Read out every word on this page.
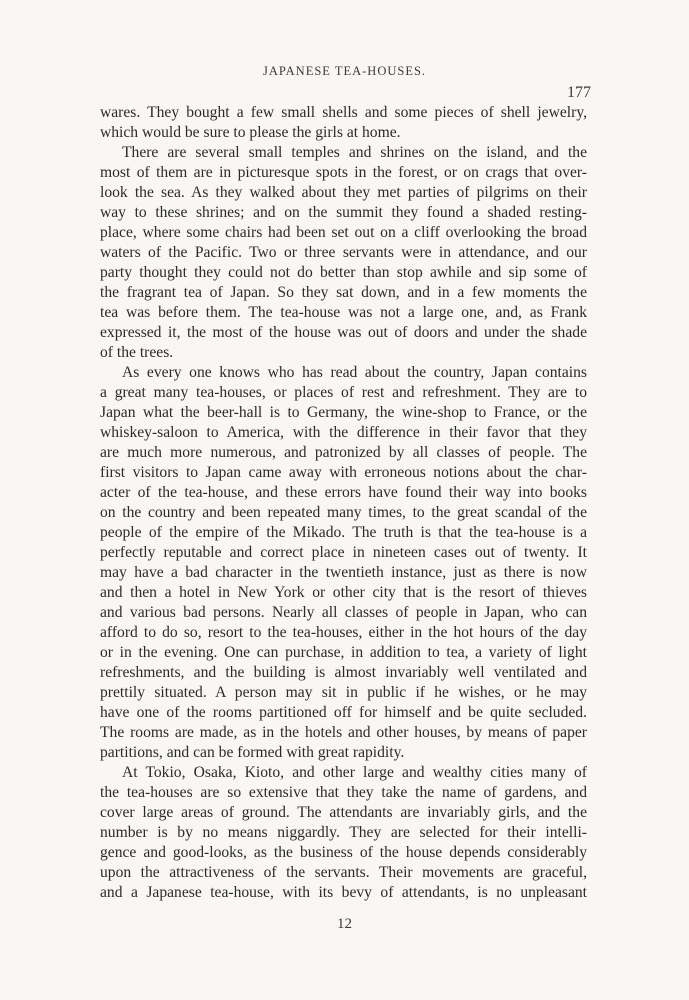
JAPANESE TEA-HOUSES.
177
wares. They bought a few small shells and some pieces of shell jewelry,
which would be sure to please the girls at home.
There are several small temples and shrines on the island, and the
most of them are in picturesque spots in the forest, or on crags that over-
look the sea. As they walked about they met parties of pilgrims on their
way to these shrines; and on the summit they found a shaded resting-
place, where some chairs had been set out on a cliff overlooking the broad
waters of the Pacific. Two or three servants were in attendance, and our
party thought they could not do better than stop awhile and sip some of
the fragrant tea of Japan. So they sat down, and in a few moments the
tea was before them. The tea-house was not a large one, and, as Frank
expressed it, the most of the house was out of doors and under the shade
of the trees.
As every one knows who has read about the country, Japan contains
a great many tea-houses, or places of rest and refreshment. They are to
Japan what the beer-hall is to Germany, the wine-shop to France, or the
whiskey-saloon to America, with the difference in their favor that they
are much more numerous, and patronized by all classes of people. The
first visitors to Japan came away with erroneous notions about the char-
acter of the tea-house, and these errors have found their way into books
on the country and been repeated many times, to the great scandal of the
people of the empire of the Mikado. The truth is that the tea-house is a
perfectly reputable and correct place in nineteen cases out of twenty. It
may have a bad character in the twentieth instance, just as there is now
and then a hotel in New York or other city that is the resort of thieves
and various bad persons. Nearly all classes of people in Japan, who can
afford to do so, resort to the tea-houses, either in the hot hours of the day
or in the evening. One can purchase, in addition to tea, a variety of light
refreshments, and the building is almost invariably well ventilated and
prettily situated. A person may sit in public if he wishes, or he may
have one of the rooms partitioned off for himself and be quite secluded.
The rooms are made, as in the hotels and other houses, by means of paper
partitions, and can be formed with great rapidity.
At Tokio, Osaka, Kioto, and other large and wealthy cities many of
the tea-houses are so extensive that they take the name of gardens, and
cover large areas of ground. The attendants are invariably girls, and the
number is by no means niggardly. They are selected for their intelli-
gence and good-looks, as the business of the house depends considerably
upon the attractiveness of the servants. Their movements are graceful,
and a Japanese tea-house, with its bevy of attendants, is no unpleasant
12
